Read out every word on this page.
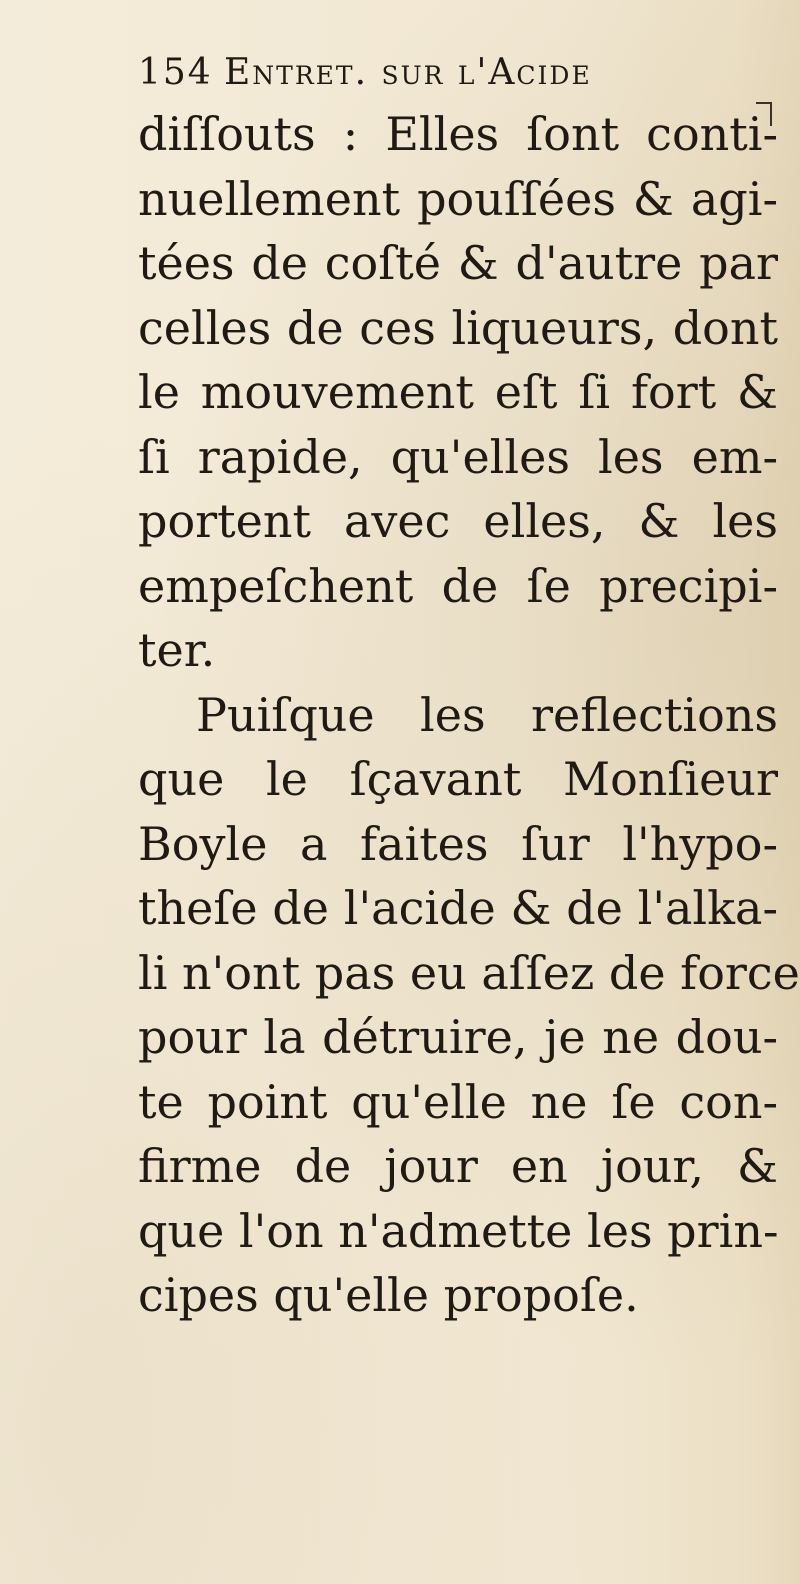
154 Entret. sur l'Acide
diſſouts : Elles ſont conti-
nuellement pouſſées & agi-
tées de coſté & d'autre par
celles de ces liqueurs, dont
le mouvement eſt ſi fort &
ſi rapide, qu'elles les em-
portent avec elles, & les
empeſchent de ſe precipi-
ter.
Puiſque les reflections
que le ſçavant Monſieur
Boyle a faites ſur l'hypo-
theſe de l'acide & de l'alka-
li n'ont pas eu aſſez de force
pour la détruire, je ne dou-
te point qu'elle ne ſe con-
firme de jour en jour, &
que l'on n'admette les prin-
cipes qu'elle propoſe.
